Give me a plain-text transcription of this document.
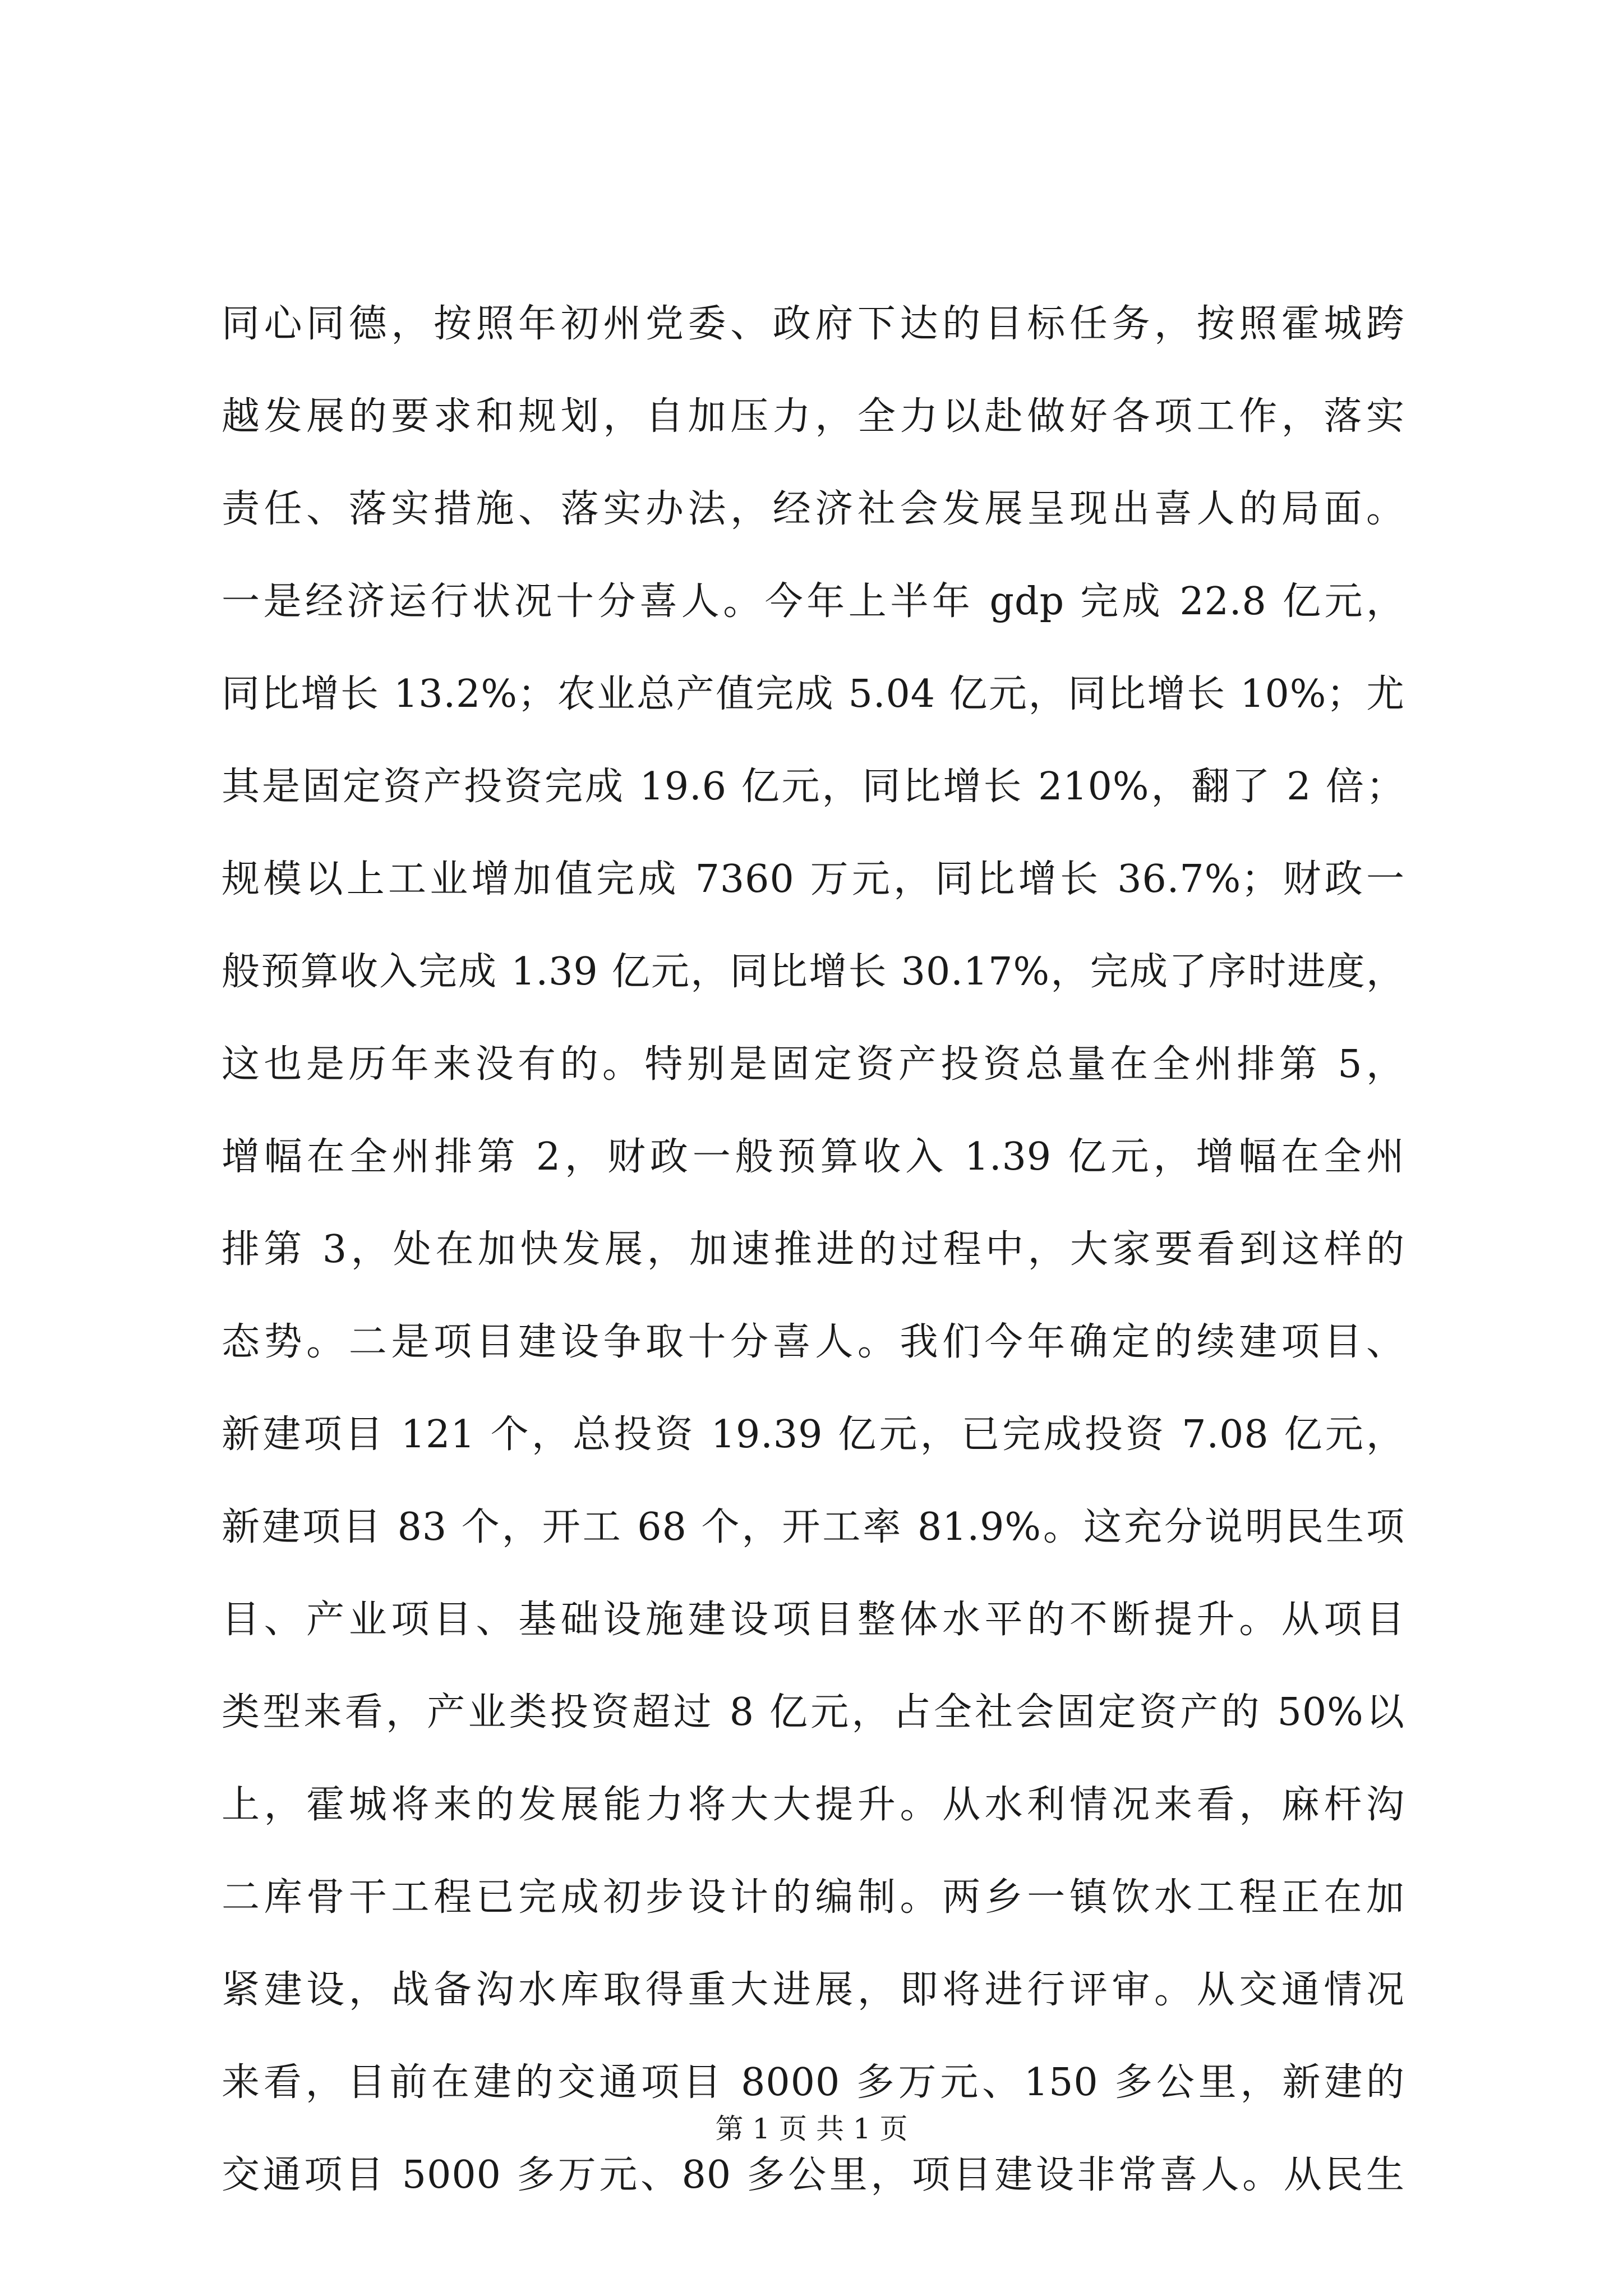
同心同德，按照年初州党委、政府下达的目标任务，按照霍城跨
越发展的要求和规划，自加压力，全力以赴做好各项工作，落实
责任、落实措施、落实办法，经济社会发展呈现出喜人的局面。
一是经济运行状况十分喜人。今年上半年 gdp 完成 22.8 亿元，
同比增长 13.2%；农业总产值完成 5.04 亿元，同比增长 10%；尤
其是固定资产投资完成 19.6 亿元，同比增长 210%，翻了 2 倍；
规模以上工业增加值完成 7360 万元，同比增长 36.7%；财政一
般预算收入完成 1.39 亿元，同比增长 30.17%，完成了序时进度，
这也是历年来没有的。特别是固定资产投资总量在全州排第 5，
增幅在全州排第 2，财政一般预算收入 1.39 亿元，增幅在全州
排第 3，处在加快发展，加速推进的过程中，大家要看到这样的
态势。二是项目建设争取十分喜人。我们今年确定的续建项目、
新建项目 121 个，总投资 19.39 亿元，已完成投资 7.08 亿元，
新建项目 83 个，开工 68 个，开工率 81.9%。这充分说明民生项
目、产业项目、基础设施建设项目整体水平的不断提升。从项目
类型来看，产业类投资超过 8 亿元，占全社会固定资产的 50%以
上，霍城将来的发展能力将大大提升。从水利情况来看，麻杆沟
二库骨干工程已完成初步设计的编制。两乡一镇饮水工程正在加
紧建设，战备沟水库取得重大进展，即将进行评审。从交通情况
来看，目前在建的交通项目 8000 多万元、150 多公里，新建的
交通项目 5000 多万元、80 多公里，项目建设非常喜人。从民生
第 1 页 共 1 页
